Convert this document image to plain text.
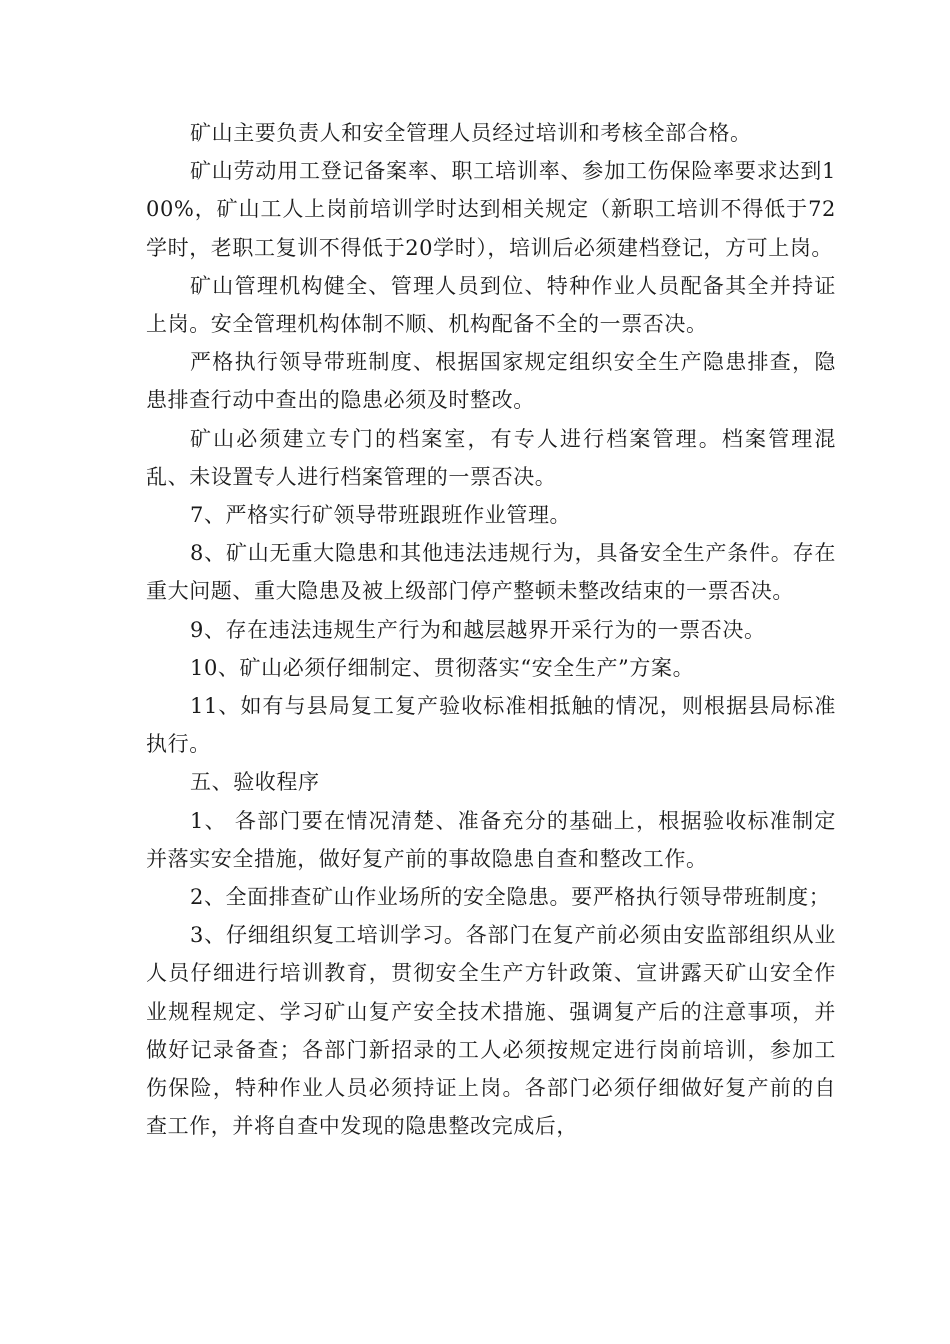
矿山主要负责人和安全管理人员经过培训和考核全部合格。

矿山劳动用工登记备案率、职工培训率、参加工伤保险率要求达到100%，矿山工人上岗前培训学时达到相关规定（新职工培训不得低于72学时，老职工复训不得低于20学时），培训后必须建档登记，方可上岗。

矿山管理机构健全、管理人员到位、特种作业人员配备其全并持证上岗。安全管理机构体制不顺、机构配备不全的一票否决。

严格执行领导带班制度、根据国家规定组织安全生产隐患排查，隐患排查行动中查出的隐患必须及时整改。

矿山必须建立专门的档案室，有专人进行档案管理。档案管理混乱、未设置专人进行档案管理的一票否决。

7、严格实行矿领导带班跟班作业管理。

8、矿山无重大隐患和其他违法违规行为，具备安全生产条件。存在重大问题、重大隐患及被上级部门停产整顿未整改结束的一票否决。

9、存在违法违规生产行为和越层越界开采行为的一票否决。

10、矿山必须仔细制定、贯彻落实“安全生产”方案。

11、如有与县局复工复产验收标准相抵触的情况，则根据县局标准执行。

五、验收程序

1、 各部门要在情况清楚、准备充分的基础上，根据验收标准制定并落实安全措施，做好复产前的事故隐患自查和整改工作。

2、全面排查矿山作业场所的安全隐患。要严格执行领导带班制度；

3、仔细组织复工培训学习。各部门在复产前必须由安监部组织从业人员仔细进行培训教育，贯彻安全生产方针政策、宣讲露天矿山安全作业规程规定、学习矿山复产安全技术措施、强调复产后的注意事项，并做好记录备查；各部门新招录的工人必须按规定进行岗前培训，参加工伤保险，特种作业人员必须持证上岗。各部门必须仔细做好复产前的自查工作，并将自查中发现的隐患整改完成后，
